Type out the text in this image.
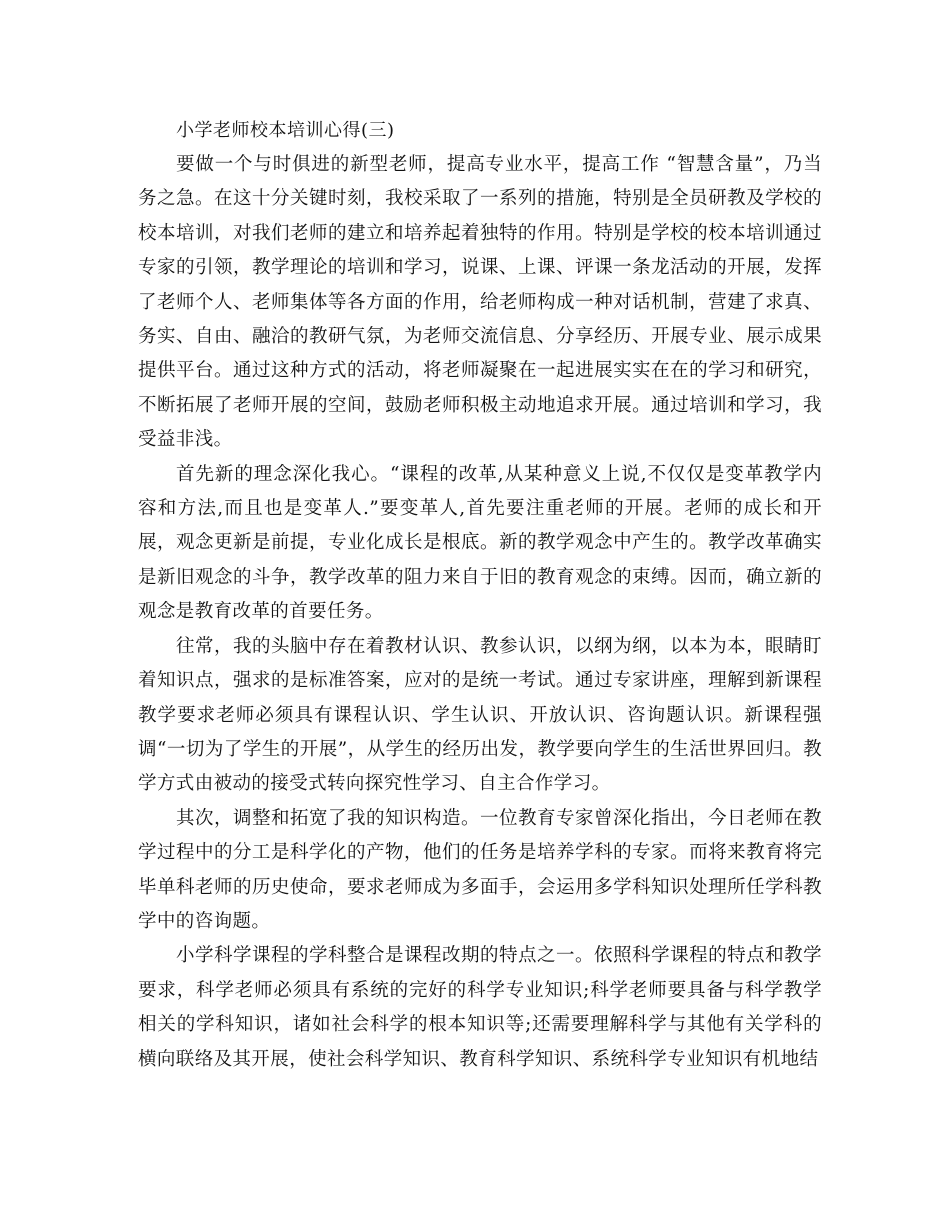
小学老师校本培训心得(三)

要做一个与时俱进的新型老师，提高专业水平，提高工作 “智慧含量”，乃当务之急。在这十分关键时刻，我校采取了一系列的措施，特别是全员研教及学校的校本培训，对我们老师的建立和培养起着独特的作用。特别是学校的校本培训通过专家的引领，教学理论的培训和学习，说课、上课、评课一条龙活动的开展，发挥了老师个人、老师集体等各方面的作用，给老师构成一种对话机制，营建了求真、务实、自由、融洽的教研气氛，为老师交流信息、分享经历、开展专业、展示成果提供平台。通过这种方式的活动，将老师凝聚在一起进展实实在在的学习和研究，不断拓展了老师开展的空间，鼓励老师积极主动地追求开展。通过培训和学习，我受益非浅。

首先新的理念深化我心。“课程的改革,从某种意义上说,不仅仅是变革教学内容和方法,而且也是变革人.”要变革人,首先要注重老师的开展。老师的成长和开展，观念更新是前提，专业化成长是根底。新的教学观念中产生的。教学改革确实是新旧观念的斗争，教学改革的阻力来自于旧的教育观念的束缚。因而，确立新的观念是教育改革的首要任务。

往常，我的头脑中存在着教材认识、教参认识，以纲为纲，以本为本，眼睛盯着知识点，强求的是标准答案，应对的是统一考试。通过专家讲座，理解到新课程教学要求老师必须具有课程认识、学生认识、开放认识、咨询题认识。新课程强调“一切为了学生的开展”，从学生的经历出发，教学要向学生的生活世界回归。教学方式由被动的接受式转向探究性学习、自主合作学习。

其次，调整和拓宽了我的知识构造。一位教育专家曾深化指出，今日老师在教学过程中的分工是科学化的产物，他们的任务是培养学科的专家。而将来教育将完毕单科老师的历史使命，要求老师成为多面手，会运用多学科知识处理所任学科教学中的咨询题。

小学科学课程的学科整合是课程改期的特点之一。依照科学课程的特点和教学要求，科学老师必须具有系统的完好的科学专业知识;科学老师要具备与科学教学相关的学科知识，诸如社会科学的根本知识等;还需要理解科学与其他有关学科的横向联络及其开展，使社会科学知识、教育科学知识、系统科学专业知识有机地结
